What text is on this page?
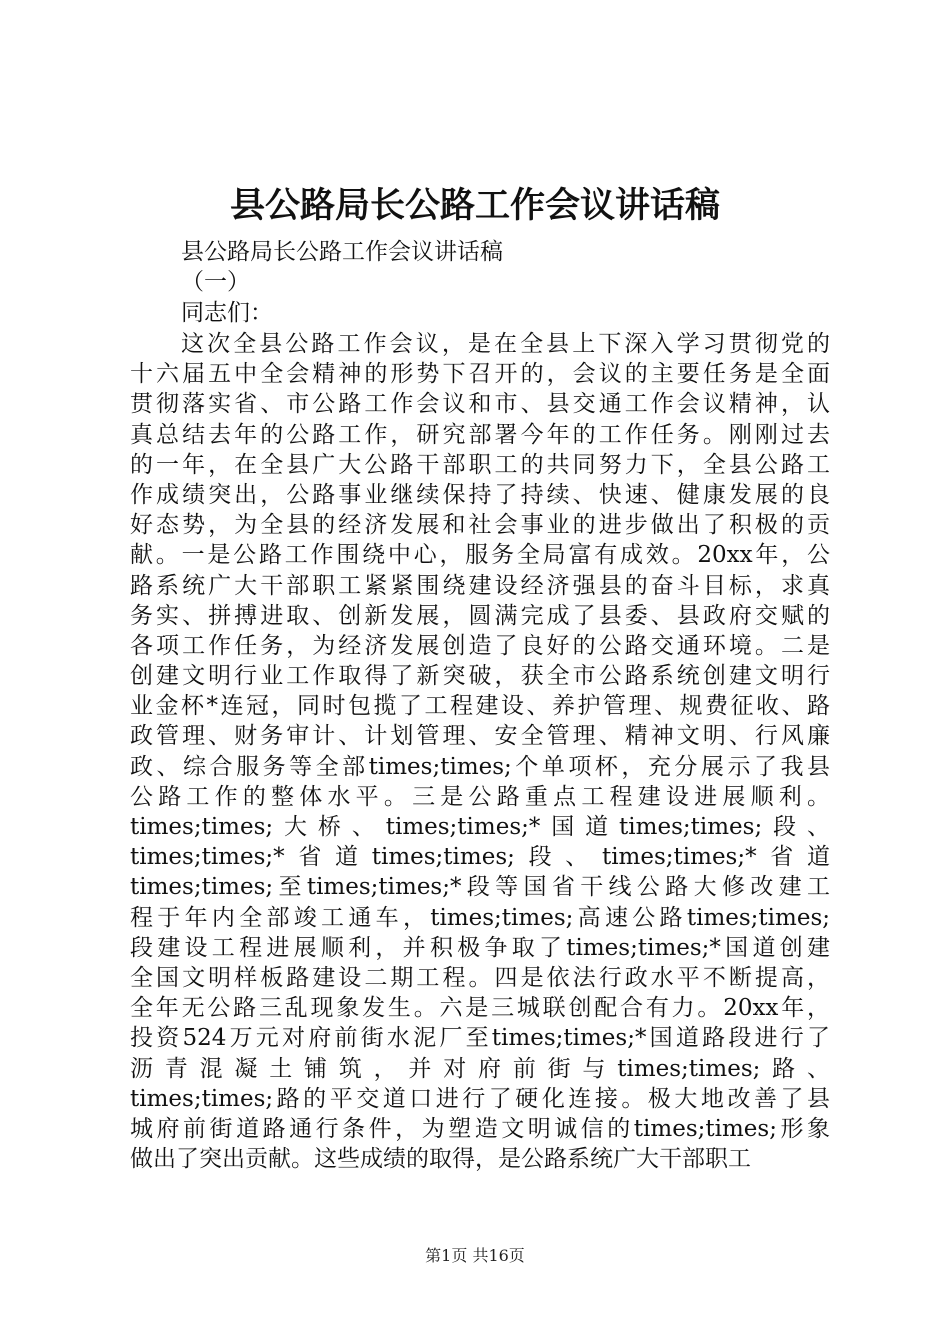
县公路局长公路工作会议讲话稿
县公路局长公路工作会议讲话稿
（一）
同志们：
这次全县公路工作会议，是在全县上下深入学习贯彻党的
十六届五中全会精神的形势下召开的，会议的主要任务是全面
贯彻落实省、市公路工作会议和市、县交通工作会议精神，认
真总结去年的公路工作，研究部署今年的工作任务。刚刚过去
的一年，在全县广大公路干部职工的共同努力下，全县公路工
作成绩突出，公路事业继续保持了持续、快速、健康发展的良
好态势，为全县的经济发展和社会事业的进步做出了积极的贡
献。一是公路工作围绕中心，服务全局富有成效。20xx年，公
路系统广大干部职工紧紧围绕建设经济强县的奋斗目标，求真
务实、拼搏进取、创新发展，圆满完成了县委、县政府交赋的
各项工作任务，为经济发展创造了良好的公路交通环境。二是
创建文明行业工作取得了新突破，获全市公路系统创建文明行
业金杯*连冠，同时包揽了工程建设、养护管理、规费征收、路
政管理、财务审计、计划管理、安全管理、精神文明、行风廉
政、综合服务等全部times;times;个单项杯，充分展示了我县
公路工作的整体水平。三是公路重点工程建设进展顺利。
times;times;大桥、times;times;*国道times;times;段、
times;times;*省道times;times;段、times;times;*省道
times;times;至times;times;*段等国省干线公路大修改建工
程于年内全部竣工通车，times;times;高速公路times;times;
段建设工程进展顺利，并积极争取了times;times;*国道创建
全国文明样板路建设二期工程。四是依法行政水平不断提高，
全年无公路三乱现象发生。六是三城联创配合有力。20xx年，
投资524万元对府前街水泥厂至times;times;*国道路段进行了
沥青混凝土铺筑，并对府前街与times;times;路、
times;times;路的平交道口进行了硬化连接。极大地改善了县
城府前街道路通行条件，为塑造文明诚信的times;times;形象
做出了突出贡献。这些成绩的取得，是公路系统广大干部职工
第1页 共16页
